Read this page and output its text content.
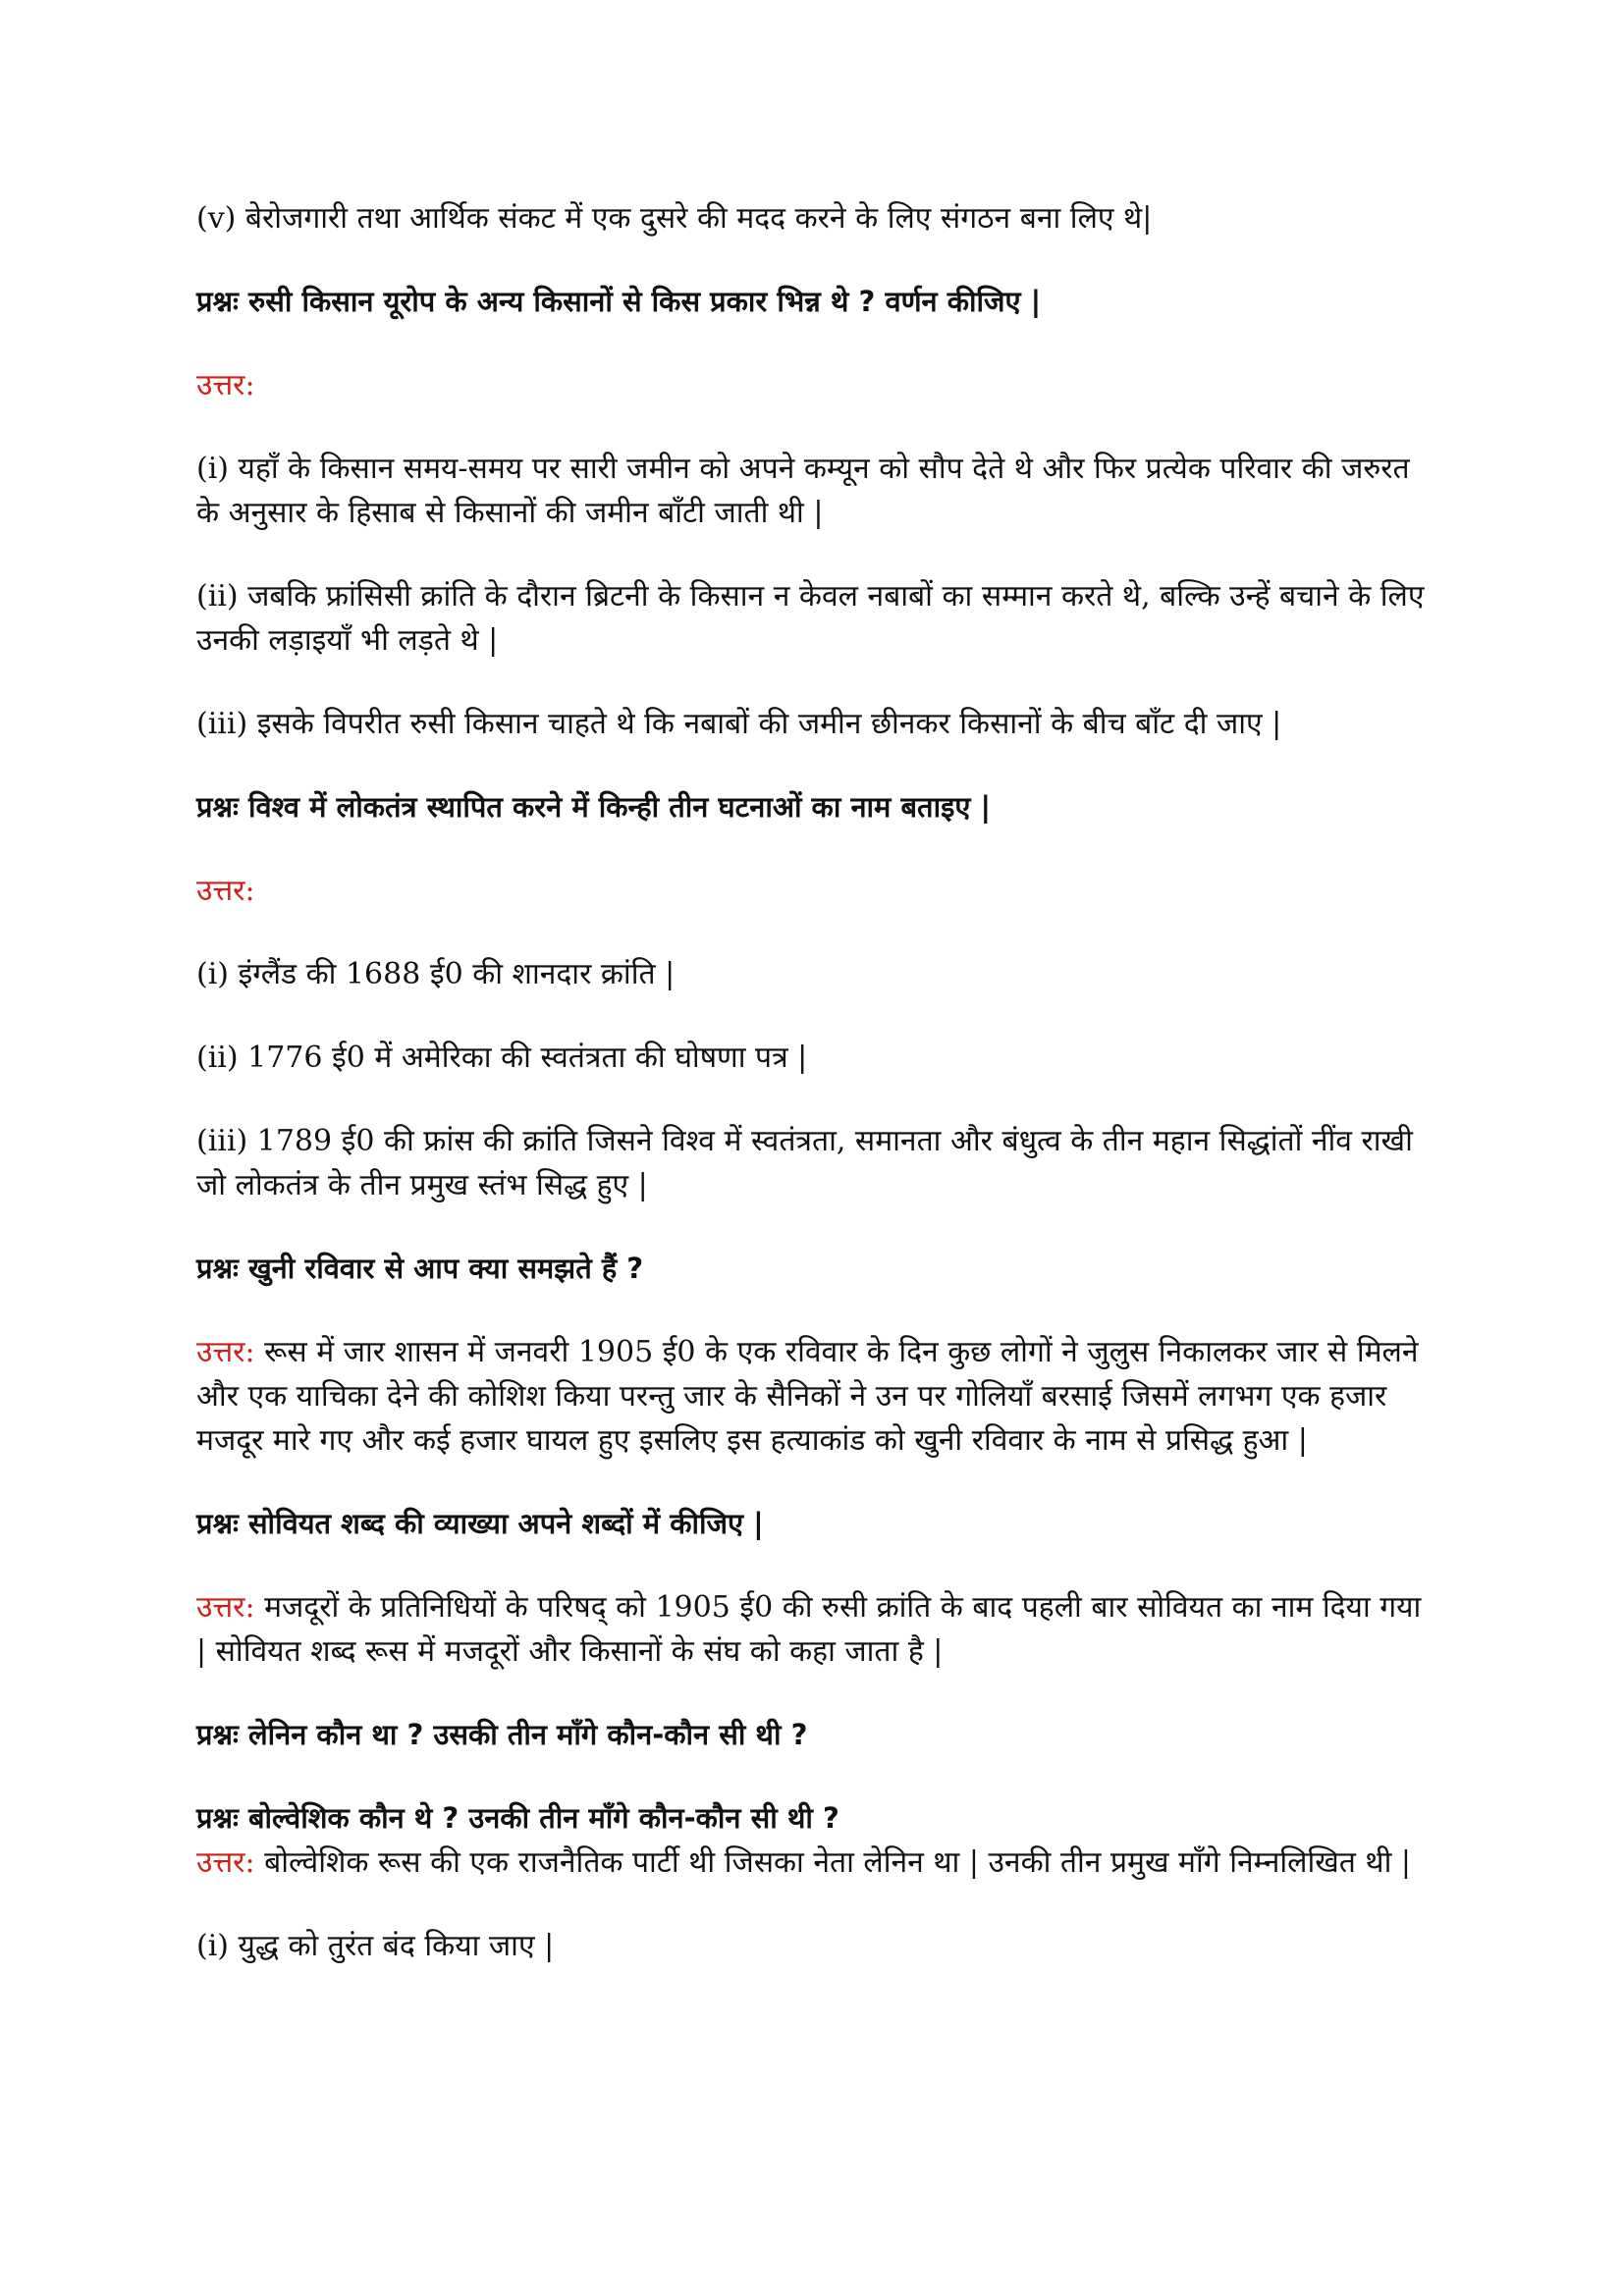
(v) बेरोजगारी तथा आर्थिक संकट में एक दुसरे की मदद करने के लिए संगठन बना लिए थे|

प्रश्नः रुसी किसान यूरोप के अन्य किसानों से किस प्रकार भिन्न थे ? वर्णन कीजिए |

उत्तर:

(i) यहाँ के किसान समय-समय पर सारी जमीन को अपने कम्यून को सौप देते थे और फिर प्रत्येक परिवार की जरुरत के अनुसार के हिसाब से किसानों की जमीन बाँटी जाती थी |

(ii) जबकि फ्रांसिसी क्रांति के दौरान ब्रिटनी के किसान न केवल नबाबों का सम्मान करते थे, बल्कि उन्हें बचाने के लिए उनकी लड़ाइयाँ भी लड़ते थे |

(iii) इसके विपरीत रुसी किसान चाहते थे कि नबाबों की जमीन छीनकर किसानों के बीच बाँट दी जाए |

प्रश्नः विश्व में लोकतंत्र स्थापित करने में किन्ही तीन घटनाओं का नाम बताइए |

उत्तर:

(i) इंग्लैंड की 1688 ई0 की शानदार क्रांति |

(ii) 1776 ई0 में अमेरिका की स्वतंत्रता की घोषणा पत्र |

(iii) 1789 ई0 की फ्रांस की क्रांति जिसने विश्व में स्वतंत्रता, समानता और बंधुत्व के तीन महान सिद्धांतों नींव राखी जो लोकतंत्र के तीन प्रमुख स्तंभ सिद्ध हुए |

प्रश्नः खुनी रविवार से आप क्या समझते हैं ?

उत्तर: रूस में जार शासन में जनवरी 1905 ई0 के एक रविवार के दिन कुछ लोगों ने जुलुस निकालकर जार से मिलने और एक याचिका देने की कोशिश किया परन्तु जार के सैनिकों ने उन पर गोलियाँ बरसाई जिसमें लगभग एक हजार मजदूर मारे गए और कई हजार घायल हुए इसलिए इस हत्याकांड को खुनी रविवार के नाम से प्रसिद्ध हुआ |

प्रश्नः सोवियत शब्द की व्याख्या अपने शब्दों में कीजिए |

उत्तर: मजदूरों के प्रतिनिधियों के परिषद् को 1905 ई0 की रुसी क्रांति के बाद पहली बार सोवियत का नाम दिया गया | सोवियत शब्द रूस में मजदूरों और किसानों के संघ को कहा जाता है |

प्रश्नः लेनिन कौन था ? उसकी तीन माँगे कौन-कौन सी थी ?

प्रश्नः बोल्वेशिक कौन थे ? उनकी तीन माँगे कौन-कौन सी थी ?

उत्तर: बोल्वेशिक रूस की एक राजनैतिक पार्टी थी जिसका नेता लेनिन था | उनकी तीन प्रमुख माँगे निम्नलिखित थी |

(i) युद्ध को तुरंत बंद किया जाए |
